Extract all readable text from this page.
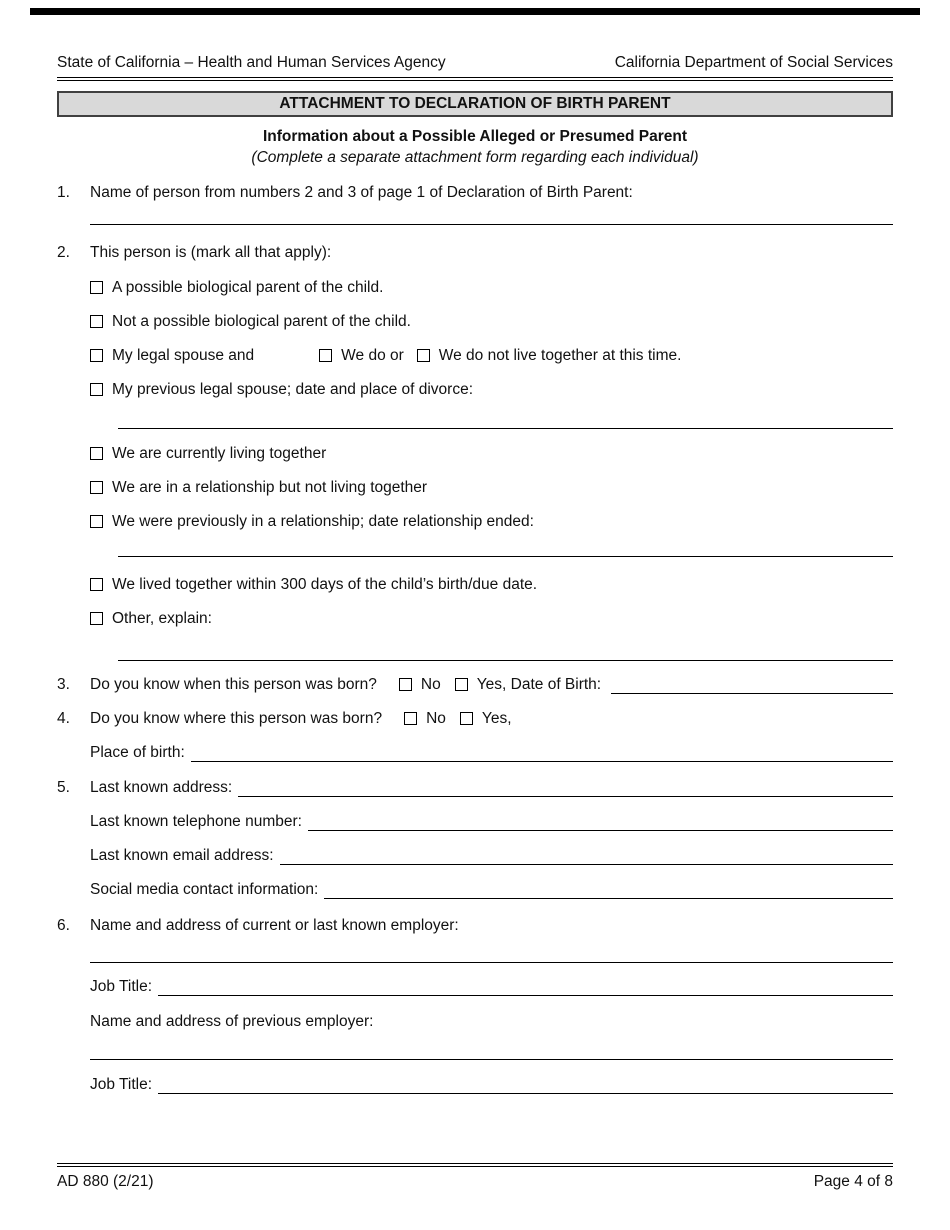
State of California – Health and Human Services Agency	California Department of Social Services
ATTACHMENT TO DECLARATION OF BIRTH PARENT
Information about a Possible Alleged or Presumed Parent
(Complete a separate attachment form regarding each individual)
1.	Name of person from numbers 2 and 3 of page 1 of Declaration of Birth Parent:
2.	This person is (mark all that apply):
A possible biological parent of the child.
Not a possible biological parent of the child.
My legal spouse and	We do or We do not live together at this time.
My previous legal spouse; date and place of divorce:
We are currently living together
We are in a relationship but not living together
We were previously in a relationship; date relationship ended:
We lived together within 300 days of the child’s birth/due date.
Other, explain:
3.	Do you know when this person was born?	No Yes, Date of Birth:
4.	Do you know where this person was born?	No Yes,
Place of birth:
5.	Last known address:
Last known telephone number:
Last known email address:
Social media contact information:
6.	Name and address of current or last known employer:
Job Title:
Name and address of previous employer:
Job Title:
AD 880 (2/21)	Page 4 of 8
